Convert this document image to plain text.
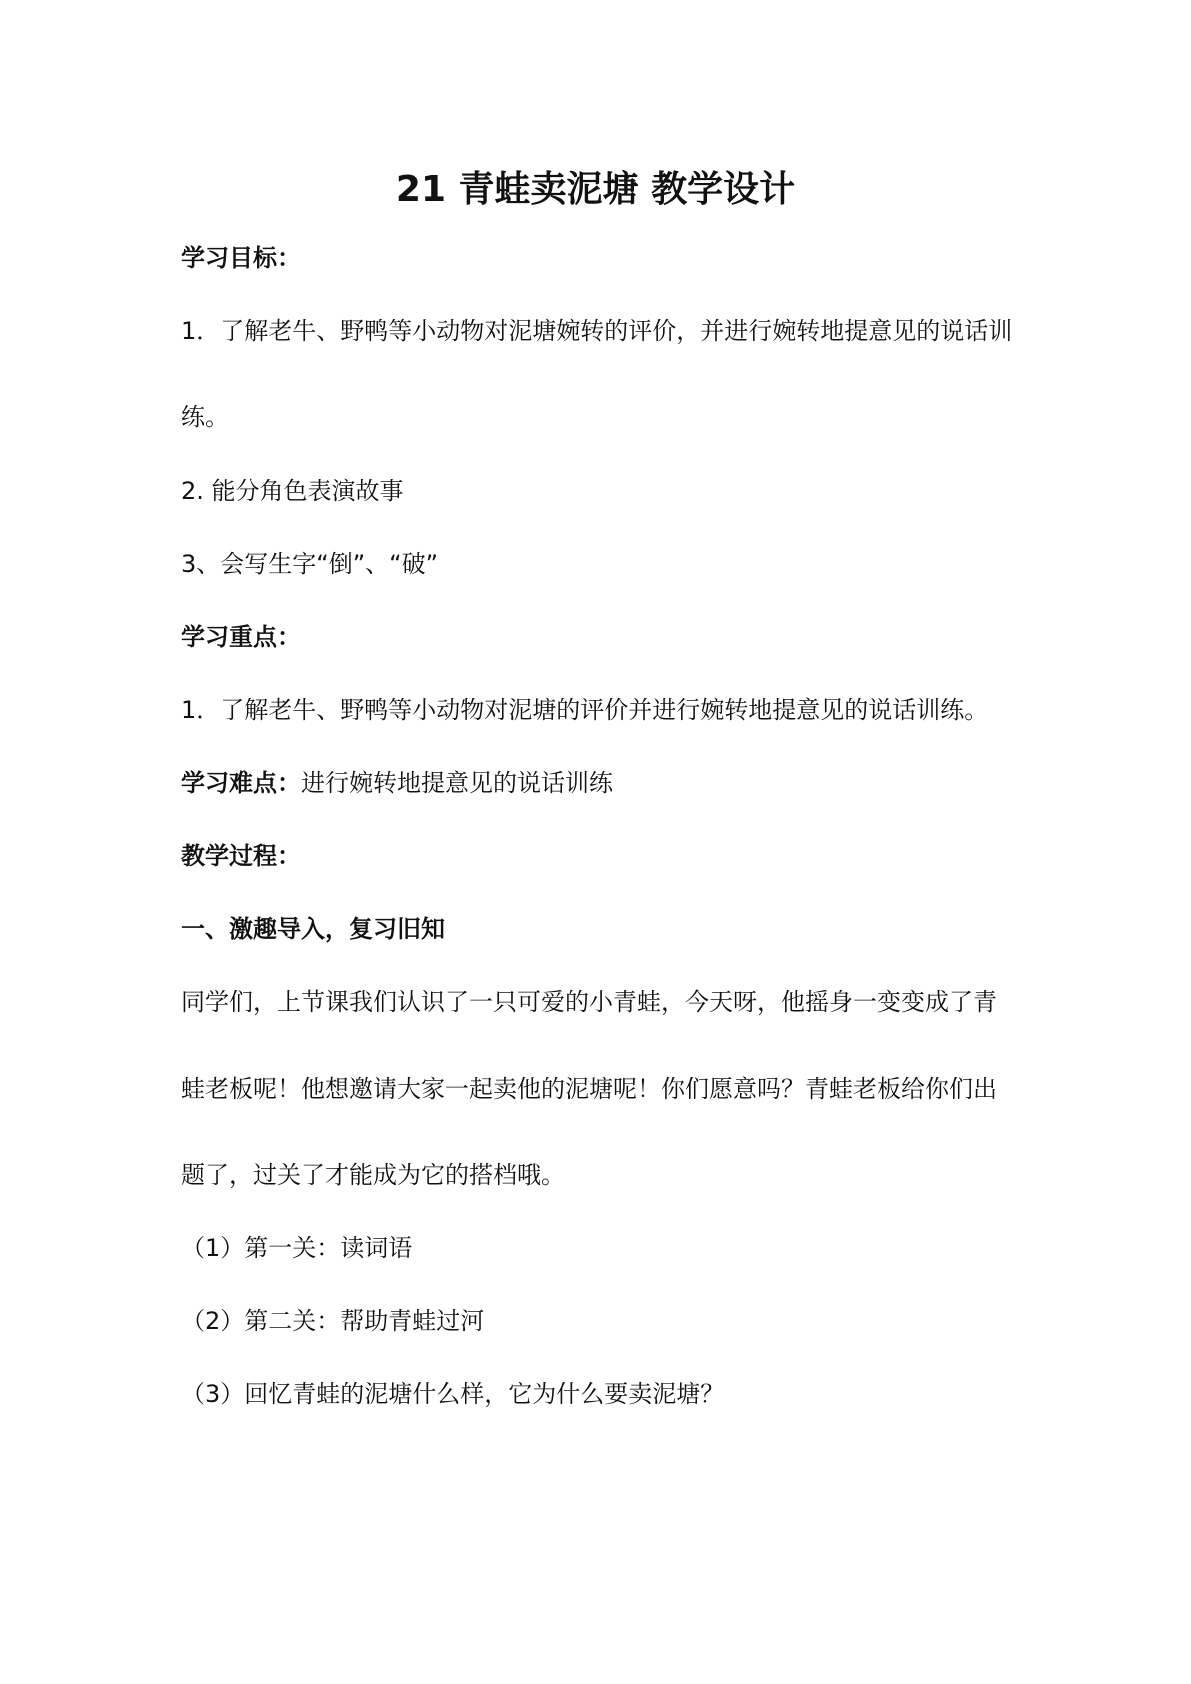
21 青蛙卖泥塘 教学设计
学习目标：
1．了解老牛、野鸭等小动物对泥塘婉转的评价，并进行婉转地提意见的说话训
练。
2. 能分角色表演故事
3、会写生字“倒”、“破”
学习重点：
1．了解老牛、野鸭等小动物对泥塘的评价并进行婉转地提意见的说话训练。
学习难点：进行婉转地提意见的说话训练
教学过程：
一、激趣导入，复习旧知
同学们，上节课我们认识了一只可爱的小青蛙，今天呀，他摇身一变变成了青
蛙老板呢！他想邀请大家一起卖他的泥塘呢！你们愿意吗？青蛙老板给你们出
题了，过关了才能成为它的搭档哦。
（1）第一关：读词语
（2）第二关：帮助青蛙过河
（3）回忆青蛙的泥塘什么样，它为什么要卖泥塘？
